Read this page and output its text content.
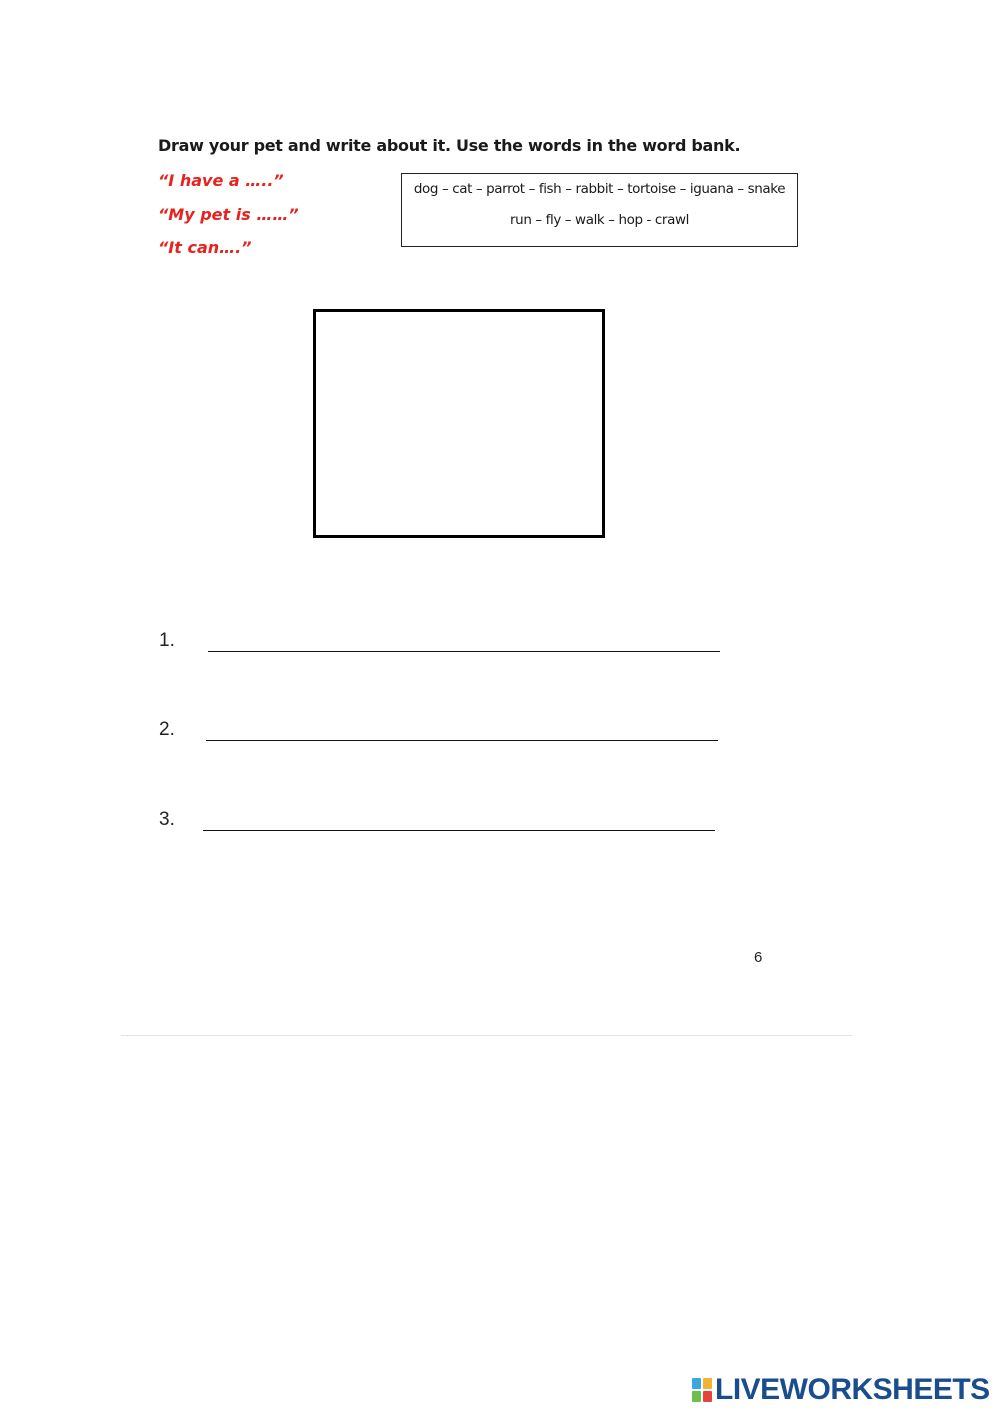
Draw your pet and write about it. Use the words in the word bank.
“I have a …..”
“My pet is ……”
“It can….”
dog – cat – parrot – fish – rabbit – tortoise – iguana – snake
run – fly – walk – hop - crawl
1.
2.
3.
6
LIVEWORKSHEETS
